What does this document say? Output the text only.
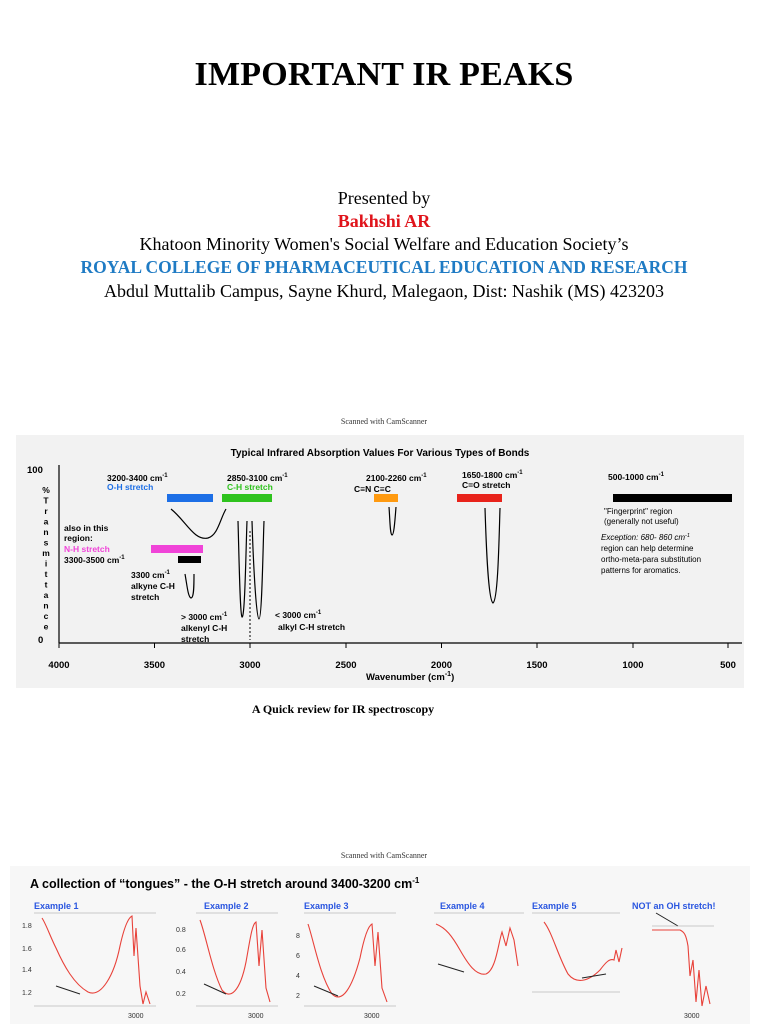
IMPORTANT IR PEAKS
Presented by
Bakhshi AR
Khatoon Minority Women's Social Welfare and Education Society’s
ROYAL COLLEGE OF PHARMACEUTICAL EDUCATION AND RESEARCH
Abdul Muttalib Campus, Sayne Khurd, Malegaon, Dist: Nashik (MS) 423203
Scanned with CamScanner
Typical Infrared Absorption Values For Various Types of Bonds
100
0
%
T
r
a
n
s
m
i
t
t
a
n
c
e
4000	3500	3000	2500	2000	1500	1000	500
Wavenumber $(cm^{-1})$
3200-3400 $cm^{-1}$
O-H stretch
2850-3100 $cm^{-1}$
C-H stretch
also in this
region:
N-H stretch
3300-3500 $cm^{-1}$
3300 $cm^{-1}$
alkyne C-H
stretch
> 3000 $cm^{-1}$
alkenyl C-H
stretch
< 3000 $cm^{-1}$
alkyl C-H stretch
2100-2260 $cm^{-1}$
C≡N C≡C
1650-1800 $cm^{-1}$
C=O stretch
500-1000 $cm^{-1}$
"Fingerprint" region
(generally not useful)
Exception: 680- 860 $cm^{-1}$
region can help determine
ortho-meta-para substitution
patterns for aromatics.
A Quick review for IR spectroscopy
Scanned with CamScanner
A collection of “tongues” - the O-H stretch around 3400-3200 $cm^{-1}$
Example 1
1.8
1.6
1.4
1.2
3000
Example 2
0.8
0.6
0.4
0.2
3000
Example 3
8
6
4
2
3000
Example 4	Example 5	NOT an OH stretch!
3000
